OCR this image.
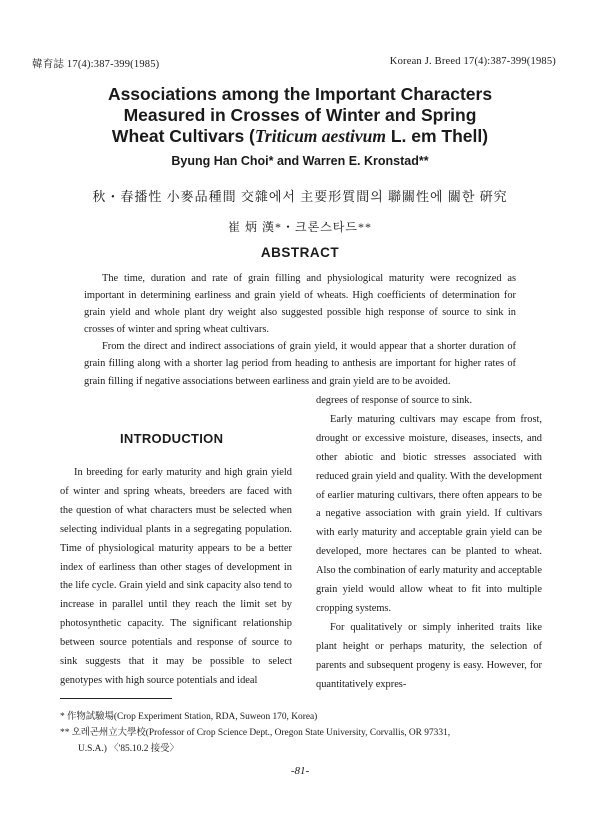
韓育誌 17(4):387-399(1985)	Korean J. Breed 17(4):387-399(1985)
Associations among the Important Characters
Measured in Crosses of Winter and Spring
Wheat Cultivars (Triticum aestivum L. em Thell)
Byung Han Choi* and Warren E. Kronstad**
秋・春播性 小麥品種間 交雜에서 主要形質間의 聯關性에 關한 硏究
崔 炳 漢*・크론스타드**
ABSTRACT

The time, duration and rate of grain filling and physiological maturity were recognized as important in determining earliness and grain yield of wheats. High coefficients of determination for grain yield and whole plant dry weight also suggested possible high response of source to sink in crosses of winter and spring wheat cultivars.

From the direct and indirect associations of grain yield, it would appear that a shorter duration of grain filling along with a shorter lag period from heading to anthesis are important for higher rates of grain filling if negative associations between earliness and grain yield are to be avoided.

INTRODUCTION

In breeding for early maturity and high grain yield of winter and spring wheats, breeders are faced with the question of what characters must be selected when selecting individual plants in a segregating population. Time of physiological maturity appears to be a better index of earliness than other stages of development in the life cycle. Grain yield and sink capacity also tend to increase in parallel until they reach the limit set by photosynthetic capacity. The significant relationship between source potentials and response of source to sink suggests that it may be possible to select genotypes with high source potentials and ideal

degrees of response of source to sink.

Early maturing cultivars may escape from frost, drought or excessive moisture, diseases, insects, and other abiotic and biotic stresses associated with reduced grain yield and quality. With the development of earlier maturing cultivars, there often appears to be a negative association with grain yield. If cultivars with early maturity and acceptable grain yield can be developed, more hectares can be planted to wheat. Also the combination of early maturity and acceptable grain yield would allow wheat to fit into multiple cropping systems.

For qualitatively or simply inherited traits like plant height or perhaps maturity, the selection of parents and subsequent progeny is easy. However, for quantitatively expres-

* 作物試驗場(Crop Experiment Station, RDA, Suweon 170, Korea)
** 오레곤州立大學校(Professor of Crop Science Dept., Oregon State University, Corvallis, OR 97331,
U.S.A.) 〈'85.10.2 接受〉
-81-
